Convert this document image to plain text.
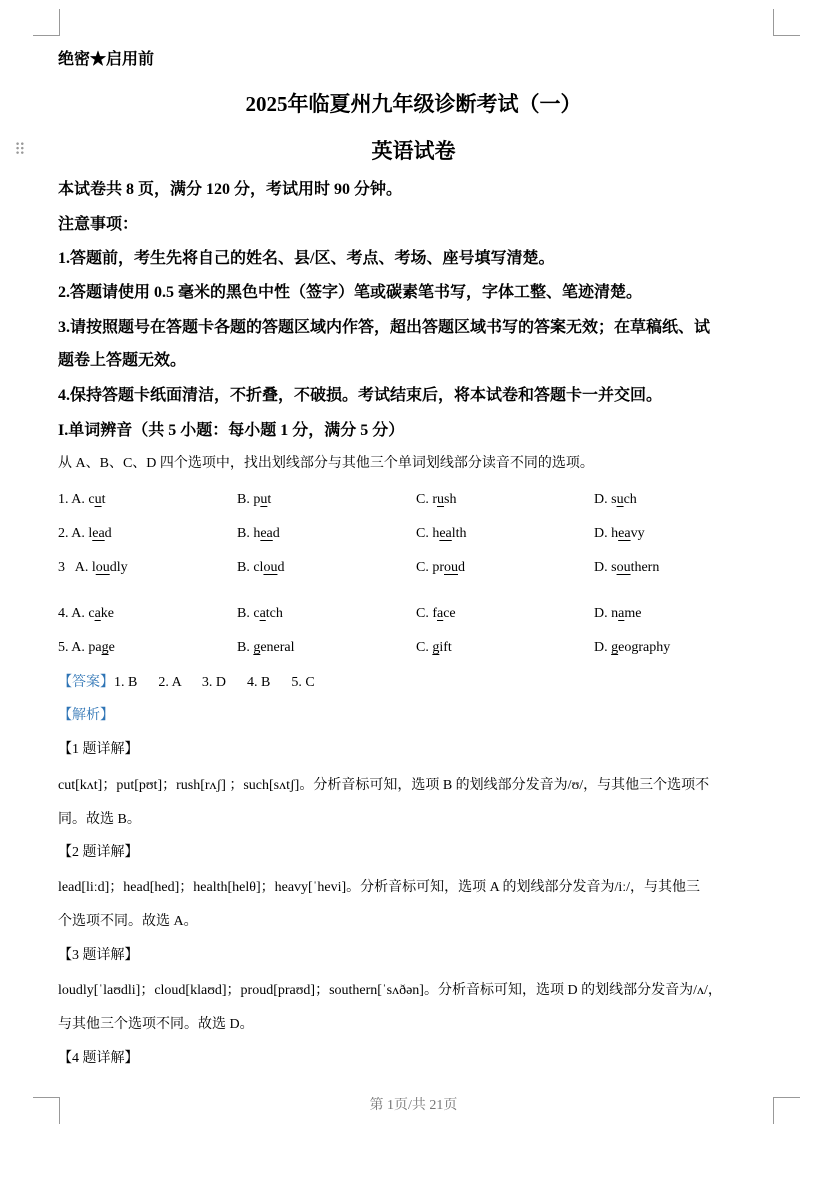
⠿
绝密★启用前
2025年临夏州九年级诊断考试（一）
英语试卷
本试卷共 8 页，满分 120 分，考试用时 90 分钟。
注意事项：
1.答题前，考生先将自己的姓名、县/区、考点、考场、座号填写清楚。
2.答题请使用 0.5 毫米的黑色中性（签字）笔或碳素笔书写，字体工整、笔迹清楚。
3.请按照题号在答题卡各题的答题区域内作答，超出答题区域书写的答案无效；在草稿纸、试
题卷上答题无效。
4.保持答题卡纸面清洁，不折叠，不破损。考试结束后，将本试卷和答题卡一并交回。
I.单词辨音（共 5 小题：每小题 1 分，满分 5 分）
从 A、B、C、D 四个选项中，找出划线部分与其他三个单词划线部分读音不同的选项。
1. A. cut	B. put	C. rush	D. such
2. A. lead	B. head	C. health	D. heavy
3   A. loudly	B. cloud	C. proud	D. southern
4. A. cake	B. catch	C. face	D. name
5. A. page	B. general	C. gift	D. geography
【答案】1. B      2. A      3. D      4. B      5. C
【解析】
【1 题详解】
cut[kʌt]；put[pʊt]；rush[rʌʃ] ；such[sʌtʃ]。分析音标可知，选项 B 的划线部分发音为/ʊ/，与其他三个选项不
同。故选 B。
【2 题详解】
lead[liːd]；head[hed]；health[helθ]；heavy[ˈhevi]。分析音标可知，选项 A 的划线部分发音为/iː/，与其他三
个选项不同。故选 A。
【3 题详解】
loudly[ˈlaʊdli]；cloud[klaʊd]；proud[praʊd]；southern[ˈsʌðən]。分析音标可知，选项 D 的划线部分发音为/ʌ/，
与其他三个选项不同。故选 D。
【4 题详解】
第 1页/共 21页
